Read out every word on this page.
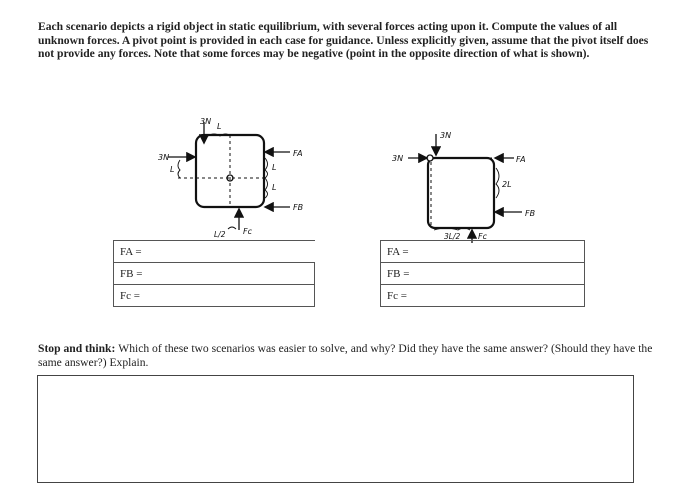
Each scenario depicts a rigid object in static equilibrium, with several forces acting upon it. Compute the values of all unknown forces. A pivot point is provided in each case for guidance. Unless explicitly given, assume that the pivot itself does not provide any forces. Note that some forces may be negative (point in the opposite direction of what is shown).
3N
L
3N
L	L
L
FA
FB
Fc
L/2
3N
3N	FA
2L
FB
Fc
3L/2
FA =
FB =
Fc =
FA =
FB =
Fc =
Stop and think: Which of these two scenarios was easier to solve, and why? Did they have the same answer? (Should they have the same answer?) Explain.
